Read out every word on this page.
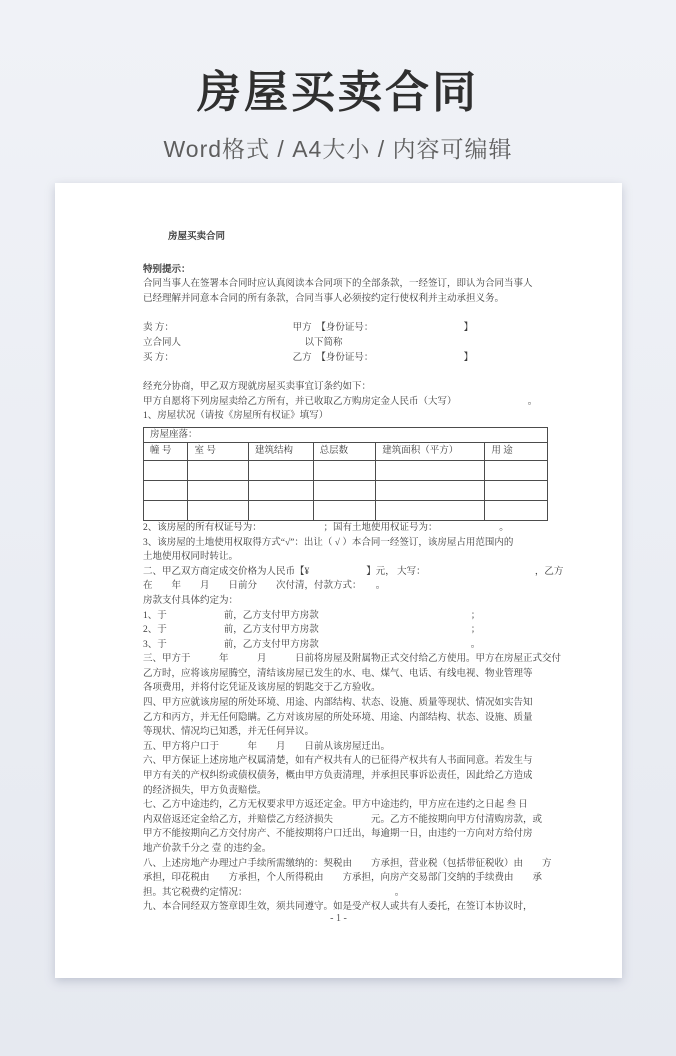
房屋买卖合同

Word格式 / A4大小 / 内容可编辑

房屋买卖合同
特别提示：
合同当事人在签署本合同时应认真阅读本合同项下的全部条款，一经签订，即认为合同当事人
已经理解并同意本合同的所有条款，合同当事人必须按约定行使权利并主动承担义务。
卖 方：　　　　　　　　　　　　　甲方　【身份证号：　　　　　　　　　　】
立合同人　　　　　　　　　　　　　以下简称
买 方：　　　　　　　　　　　　　乙方　【身份证号：　　　　　　　　　　】
经充分协商，甲乙双方现就房屋买卖事宜订条约如下：
甲方自愿将下列房屋卖给乙方所有，并已收取乙方购房定金人民币（大写）　　　　　　　　。
1、房屋状况（请按《房屋所有权证》填写）
房屋座落：					
幢 号	室 号	建筑结构	总层数	建筑面积（平方）	用 途

2、该房屋的所有权证号为：　　　　　　　；国有土地使用权证号为：　　　　　　　。
3、该房屋的土地使用权取得方式“√”：出让（ √ ）本合同一经签订，该房屋占用范围内的
土地使用权同时转让。
二、甲乙双方商定成交价格为人民币【¥　　　　　　】元， 大写：　　　　　　　　　　　　，乙方
在　　年　　月　　日前分　　次付清，付款方式：　　。
房款支付具体约定为：
1、于　　　　　　前，乙方支付甲方房款　　　　　　　　　　　　　　　　；
2、于　　　　　　前，乙方支付甲方房款　　　　　　　　　　　　　　　　；
3、于　　　　　　前，乙方支付甲方房款　　　　　　　　　　　　　　　　。
三、甲方于　　　年　　　月　　　日前将房屋及附属物正式交付给乙方使用。甲方在房屋正式交付
乙方时，应将该房屋腾空，清结该房屋已发生的水、电、煤气、电话、有线电视、物业管理等
各项费用，并将付讫凭证及该房屋的钥匙交于乙方验收。
四、甲方应就该房屋的所处环境、用途、内部结构、状态、设施、质量等现状、情况如实告知
乙方和丙方，并无任何隐瞒。乙方对该房屋的所处环境、用途、内部结构、状态、设施、质量
等现状、情况均已知悉，并无任何异议。
五、甲方将户口于　　　年　　月　　日前从该房屋迁出。
六、甲方保证上述房地产权属清楚，如有产权共有人的已征得产权共有人书面同意。若发生与
甲方有关的产权纠纷或债权债务，概由甲方负责清理，并承担民事诉讼责任，因此给乙方造成
的经济损失，甲方负责赔偿。
七、乙方中途违约，乙方无权要求甲方返还定金。甲方中途违约，甲方应在违约之日起 叁 日
内双倍返还定金给乙方，并赔偿乙方经济损失　　　　元。乙方不能按期向甲方付清购房款，或
甲方不能按期向乙方交付房产、不能按期将户口迁出，每逾期一日，由违约一方向对方给付房
地产价款千分之 壹 的违约金。
八、上述房地产办理过户手续所需缴纳的：契税由　　方承担，营业税（包括带征税收）由　　方
承担，印花税由　　方承担，个人所得税由　　方承担，向房产交易部门交纳的手续费由　　承
担。其它税费约定情况：　　　　　　　　　　　　　　　　。
九、本合同经双方签章即生效，须共同遵守。如是受产权人或共有人委托，在签订本协议时，
- 1 -
